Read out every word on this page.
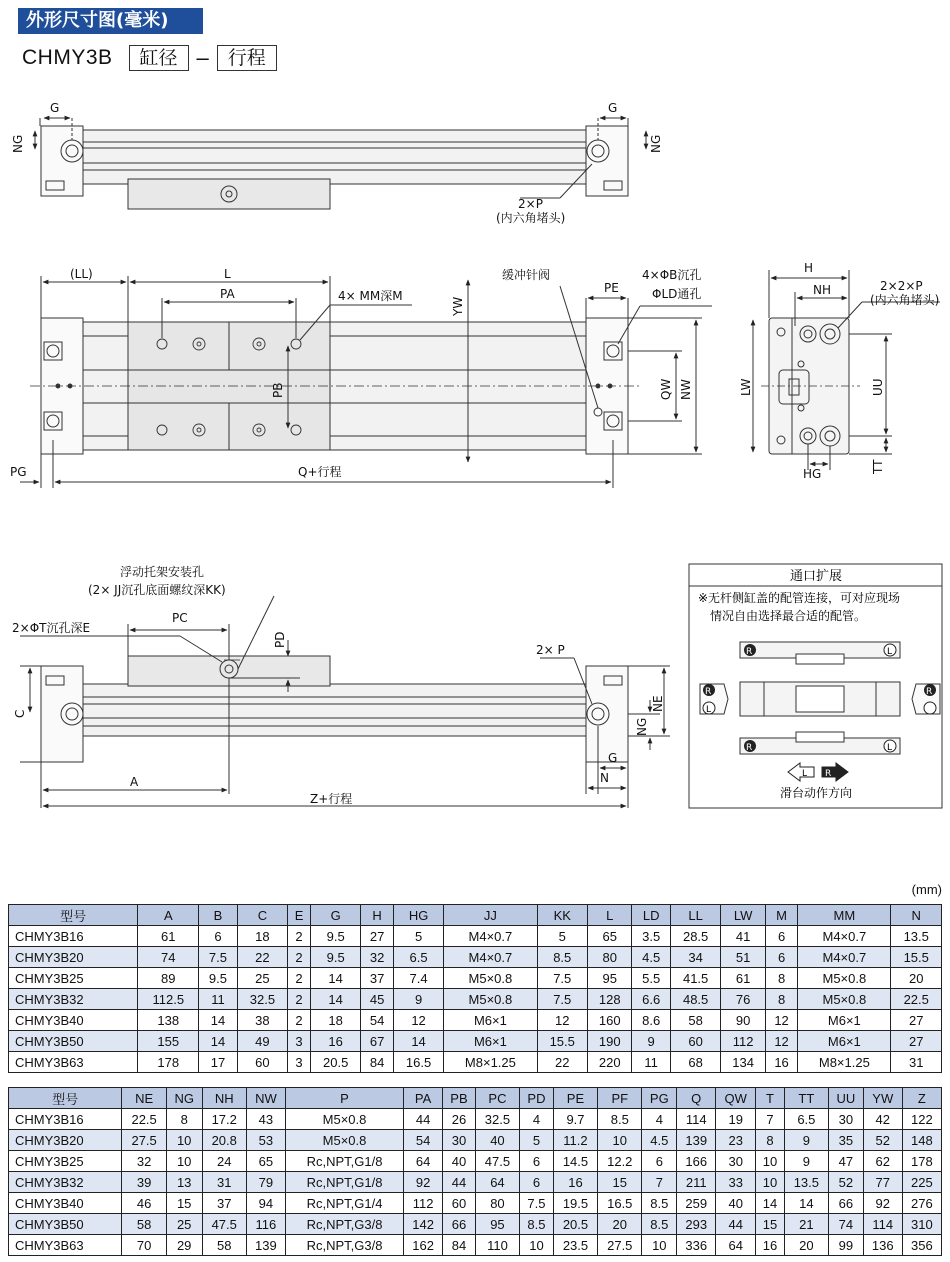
外形尺寸图(毫米)
CHMY3B	缸径 –	行程
G	G
NG	NG
2×P
(内六角堵头)
(LL)	L
PA	4× MM深M
YW
缓冲针阀
PE
4×ΦB沉孔
ΦLD通孔
PB	QW NW
PG	Q+行程
H
NH	2×2×P
(内六角堵头)
LW	UU
HG	TT
浮动托架安装孔
(2× JJ沉孔底面螺纹深KK)
2×ΦT沉孔深E
PC
PD
2× P
C
NE
NG
G
N
A
Z+行程
通口扩展
※无杆侧缸盖的配管连接，可对应现场
情况自由选择最合适的配管。
R	L
R	L
R
L
R
L R
滑台动作方向
(mm)
型号	A	B	C	E	G	H	HG	JJ	KK	L	LD	LL	LW	M	MM	N
CHMY3B16	61	6	18	2	9.5	27	5	M4×0.7	5	65	3.5	28.5	41	6	M4×0.7	13.5
CHMY3B20	74	7.5	22	2	9.5	32	6.5	M4×0.7	8.5	80	4.5	34	51	6	M4×0.7	15.5
CHMY3B25	89	9.5	25	2	14	37	7.4	M5×0.8	7.5	95	5.5	41.5	61	8	M5×0.8	20
CHMY3B32	112.5	11	32.5	2	14	45	9	M5×0.8	7.5	128	6.6	48.5	76	8	M5×0.8	22.5
CHMY3B40	138	14	38	2	18	54	12	M6×1	12	160	8.6	58	90	12	M6×1	27
CHMY3B50	155	14	49	3	16	67	14	M6×1	15.5	190	9	60	112	12	M6×1	27
CHMY3B63	178	17	60	3	20.5	84	16.5	M8×1.25	22	220	11	68	134	16	M8×1.25	31
型号	NE	NG	NH	NW	P	PA	PB	PC	PD	PE	PF	PG	Q	QW	T	TT	UU	YW	Z
CHMY3B16	22.5	8	17.2	43	M5×0.8	44	26	32.5	4	9.7	8.5	4	114	19	7	6.5	30	42	122
CHMY3B20	27.5	10	20.8	53	M5×0.8	54	30	40	5	11.2	10	4.5	139	23	8	9	35	52	148
CHMY3B25	32	10	24	65	Rc,NPT,G1/8	64	40	47.5	6	14.5	12.2	6	166	30	10	9	47	62	178
CHMY3B32	39	13	31	79	Rc,NPT,G1/8	92	44	64	6	16	15	7	211	33	10	13.5	52	77	225
CHMY3B40	46	15	37	94	Rc,NPT,G1/4	112	60	80	7.5	19.5	16.5	8.5	259	40	14	14	66	92	276
CHMY3B50	58	25	47.5	116	Rc,NPT,G3/8	142	66	95	8.5	20.5	20	8.5	293	44	15	21	74	114	310
CHMY3B63	70	29	58	139	Rc,NPT,G3/8	162	84	110	10	23.5	27.5	10	336	64	16	20	99	136	356
